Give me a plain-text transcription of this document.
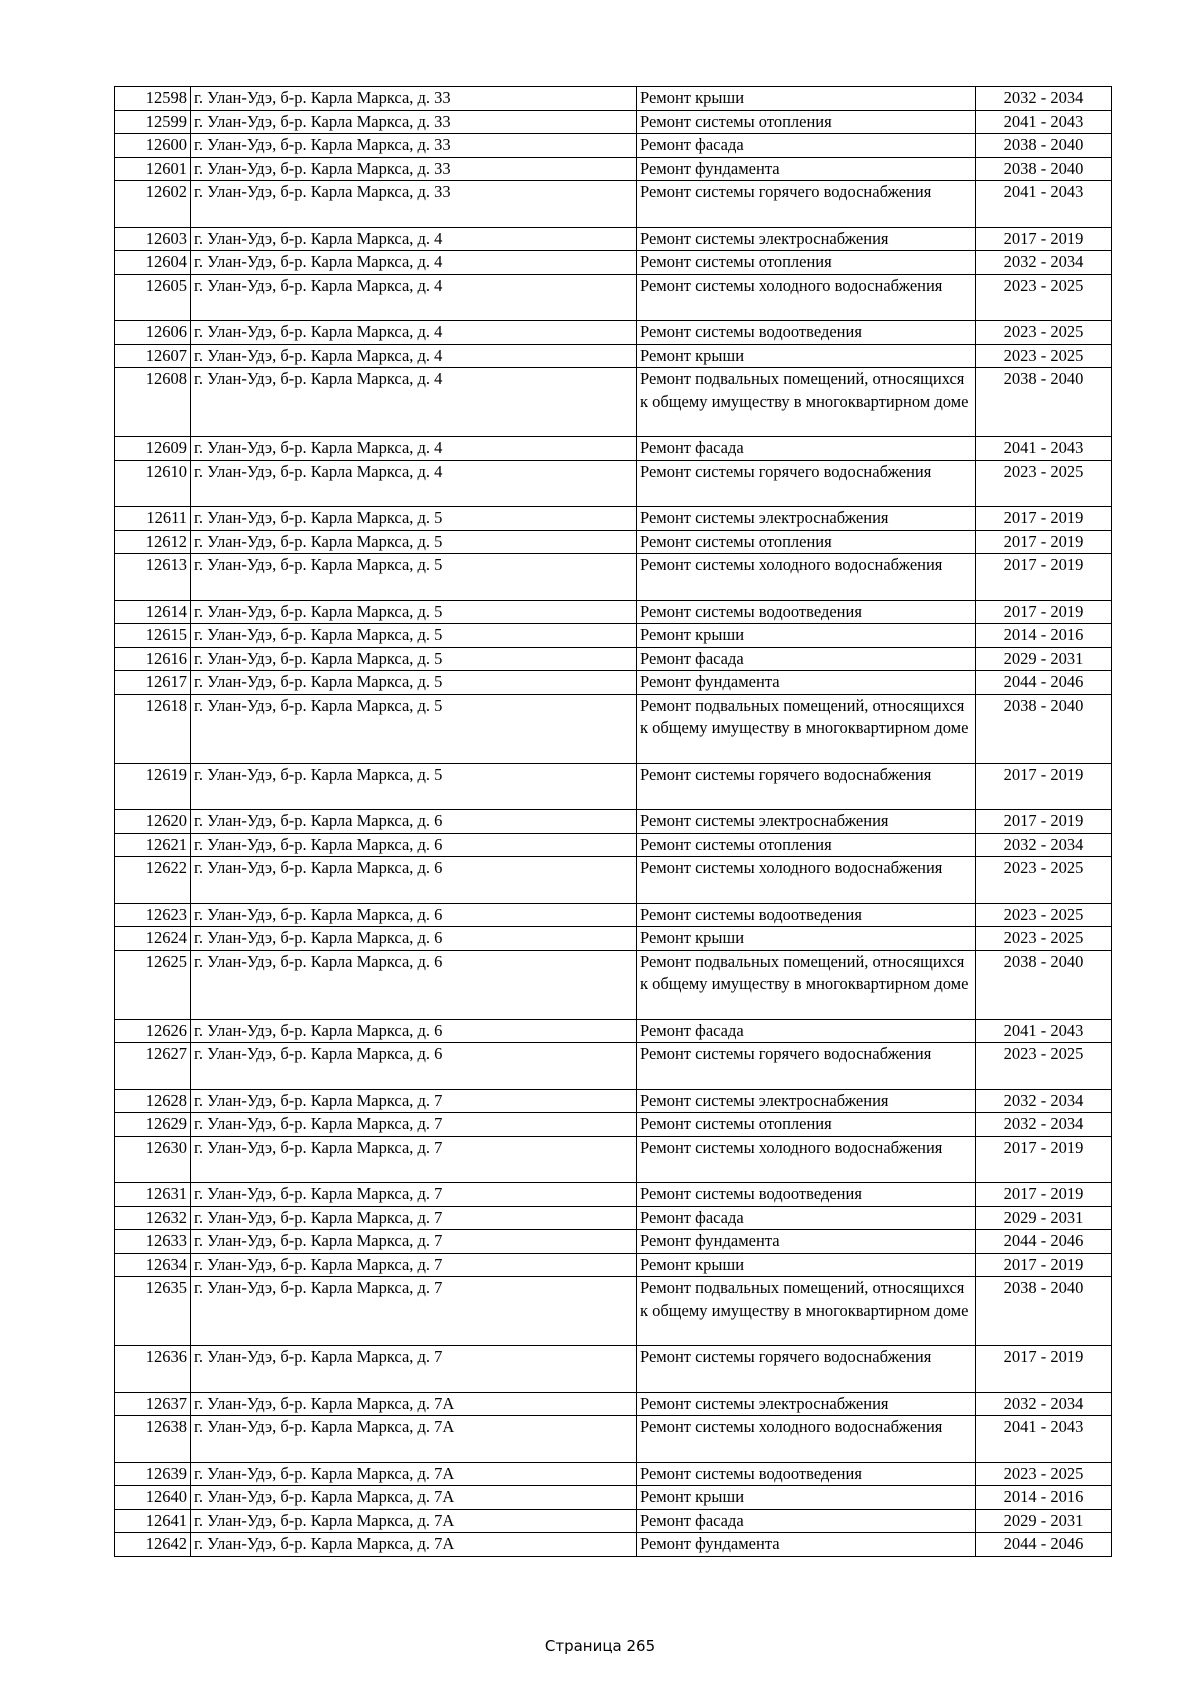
12598	г. Улан-Удэ, б-р. Карла Маркса, д. 33	Ремонт крыши	2032 - 2034
12599	г. Улан-Удэ, б-р. Карла Маркса, д. 33	Ремонт системы отопления	2041 - 2043
12600	г. Улан-Удэ, б-р. Карла Маркса, д. 33	Ремонт фасада	2038 - 2040
12601	г. Улан-Удэ, б-р. Карла Маркса, д. 33	Ремонт фундамента	2038 - 2040
12602	г. Улан-Удэ, б-р. Карла Маркса, д. 33	Ремонт системы горячего водоснабжения	2041 - 2043
12603	г. Улан-Удэ, б-р. Карла Маркса, д. 4	Ремонт системы электроснабжения	2017 - 2019
12604	г. Улан-Удэ, б-р. Карла Маркса, д. 4	Ремонт системы отопления	2032 - 2034
12605	г. Улан-Удэ, б-р. Карла Маркса, д. 4	Ремонт системы холодного водоснабжения	2023 - 2025
12606	г. Улан-Удэ, б-р. Карла Маркса, д. 4	Ремонт системы водоотведения	2023 - 2025
12607	г. Улан-Удэ, б-р. Карла Маркса, д. 4	Ремонт крыши	2023 - 2025
12608	г. Улан-Удэ, б-р. Карла Маркса, д. 4	Ремонт подвальных помещений, относящихся к общему имуществу в многоквартирном доме	2038 - 2040
12609	г. Улан-Удэ, б-р. Карла Маркса, д. 4	Ремонт фасада	2041 - 2043
12610	г. Улан-Удэ, б-р. Карла Маркса, д. 4	Ремонт системы горячего водоснабжения	2023 - 2025
12611	г. Улан-Удэ, б-р. Карла Маркса, д. 5	Ремонт системы электроснабжения	2017 - 2019
12612	г. Улан-Удэ, б-р. Карла Маркса, д. 5	Ремонт системы отопления	2017 - 2019
12613	г. Улан-Удэ, б-р. Карла Маркса, д. 5	Ремонт системы холодного водоснабжения	2017 - 2019
12614	г. Улан-Удэ, б-р. Карла Маркса, д. 5	Ремонт системы водоотведения	2017 - 2019
12615	г. Улан-Удэ, б-р. Карла Маркса, д. 5	Ремонт крыши	2014 - 2016
12616	г. Улан-Удэ, б-р. Карла Маркса, д. 5	Ремонт фасада	2029 - 2031
12617	г. Улан-Удэ, б-р. Карла Маркса, д. 5	Ремонт фундамента	2044 - 2046
12618	г. Улан-Удэ, б-р. Карла Маркса, д. 5	Ремонт подвальных помещений, относящихся к общему имуществу в многоквартирном доме	2038 - 2040
12619	г. Улан-Удэ, б-р. Карла Маркса, д. 5	Ремонт системы горячего водоснабжения	2017 - 2019
12620	г. Улан-Удэ, б-р. Карла Маркса, д. 6	Ремонт системы электроснабжения	2017 - 2019
12621	г. Улан-Удэ, б-р. Карла Маркса, д. 6	Ремонт системы отопления	2032 - 2034
12622	г. Улан-Удэ, б-р. Карла Маркса, д. 6	Ремонт системы холодного водоснабжения	2023 - 2025
12623	г. Улан-Удэ, б-р. Карла Маркса, д. 6	Ремонт системы водоотведения	2023 - 2025
12624	г. Улан-Удэ, б-р. Карла Маркса, д. 6	Ремонт крыши	2023 - 2025
12625	г. Улан-Удэ, б-р. Карла Маркса, д. 6	Ремонт подвальных помещений, относящихся к общему имуществу в многоквартирном доме	2038 - 2040
12626	г. Улан-Удэ, б-р. Карла Маркса, д. 6	Ремонт фасада	2041 - 2043
12627	г. Улан-Удэ, б-р. Карла Маркса, д. 6	Ремонт системы горячего водоснабжения	2023 - 2025
12628	г. Улан-Удэ, б-р. Карла Маркса, д. 7	Ремонт системы электроснабжения	2032 - 2034
12629	г. Улан-Удэ, б-р. Карла Маркса, д. 7	Ремонт системы отопления	2032 - 2034
12630	г. Улан-Удэ, б-р. Карла Маркса, д. 7	Ремонт системы холодного водоснабжения	2017 - 2019
12631	г. Улан-Удэ, б-р. Карла Маркса, д. 7	Ремонт системы водоотведения	2017 - 2019
12632	г. Улан-Удэ, б-р. Карла Маркса, д. 7	Ремонт фасада	2029 - 2031
12633	г. Улан-Удэ, б-р. Карла Маркса, д. 7	Ремонт фундамента	2044 - 2046
12634	г. Улан-Удэ, б-р. Карла Маркса, д. 7	Ремонт крыши	2017 - 2019
12635	г. Улан-Удэ, б-р. Карла Маркса, д. 7	Ремонт подвальных помещений, относящихся к общему имуществу в многоквартирном доме	2038 - 2040
12636	г. Улан-Удэ, б-р. Карла Маркса, д. 7	Ремонт системы горячего водоснабжения	2017 - 2019
12637	г. Улан-Удэ, б-р. Карла Маркса, д. 7А	Ремонт системы электроснабжения	2032 - 2034
12638	г. Улан-Удэ, б-р. Карла Маркса, д. 7А	Ремонт системы холодного водоснабжения	2041 - 2043
12639	г. Улан-Удэ, б-р. Карла Маркса, д. 7А	Ремонт системы водоотведения	2023 - 2025
12640	г. Улан-Удэ, б-р. Карла Маркса, д. 7А	Ремонт крыши	2014 - 2016
12641	г. Улан-Удэ, б-р. Карла Маркса, д. 7А	Ремонт фасада	2029 - 2031
12642	г. Улан-Удэ, б-р. Карла Маркса, д. 7А	Ремонт фундамента	2044 - 2046
Страница 265
